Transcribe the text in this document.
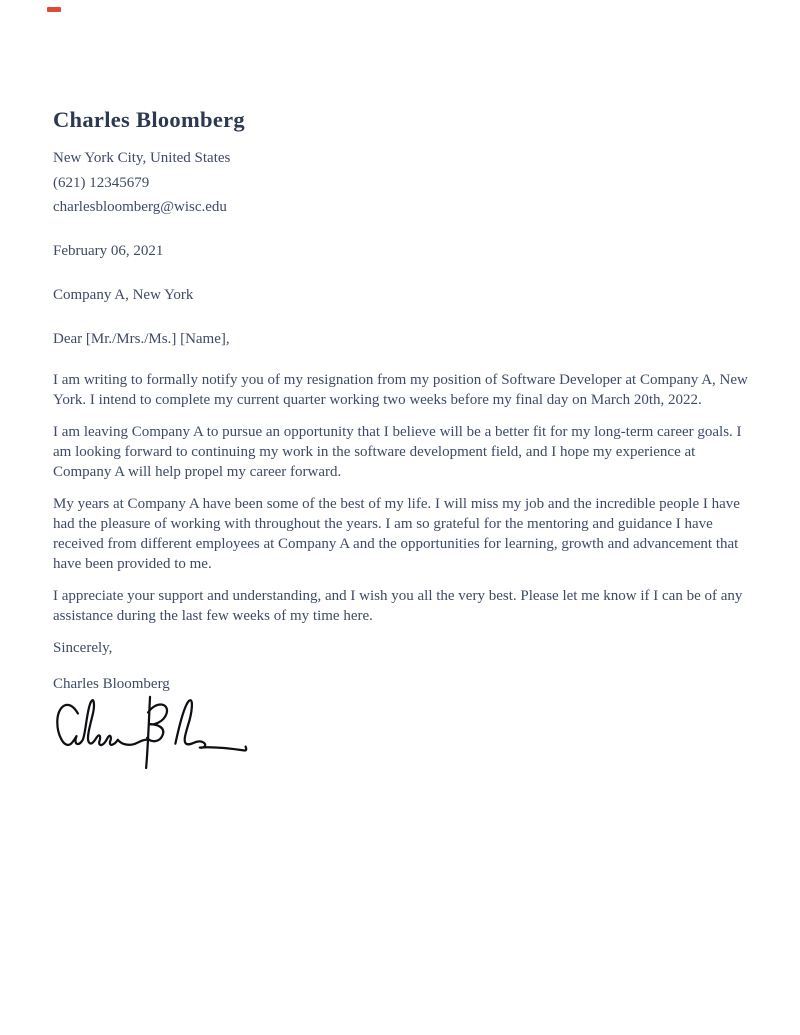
Charles Bloomberg
New York City, United States
(621) 12345679
charlesbloomberg@wisc.edu
February 06, 2021
Company A, New York
Dear [Mr./Mrs./Ms.] [Name],

I am writing to formally notify you of my resignation from my position of Software Developer at Company A, New York. I intend to complete my current quarter working two weeks before my final day on March 20th, 2022.

I am leaving Company A to pursue an opportunity that I believe will be a better fit for my long-term career goals. I am looking forward to continuing my work in the software development field, and I hope my experience at Company A will help propel my career forward.

My years at Company A have been some of the best of my life. I will miss my job and the incredible people I have had the pleasure of working with throughout the years. I am so grateful for the mentoring and guidance I have received from different employees at Company A and the opportunities for learning, growth and advancement that have been provided to me.

I appreciate your support and understanding, and I wish you all the very best. Please let me know if I can be of any assistance during the last few weeks of my time here.

Sincerely,
Charles Bloomberg
